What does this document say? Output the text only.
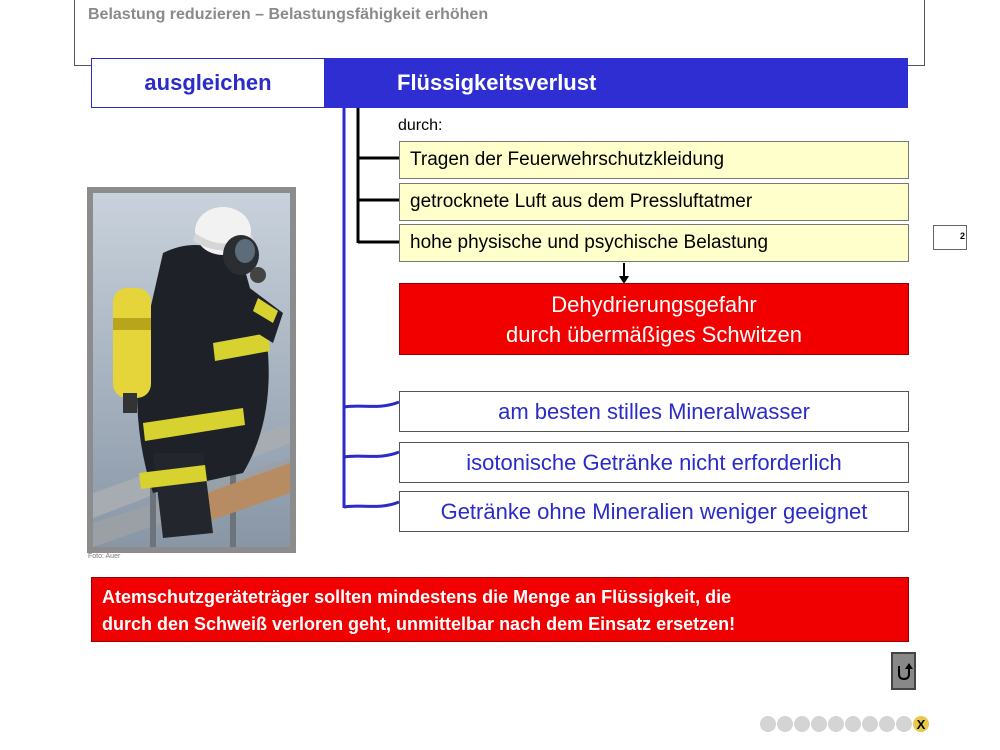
Belastung reduzieren – Belastungsfähigkeit erhöhen
ausgleichen	Flüssigkeitsverlust
durch:
Tragen der Feuerwehrschutzkleidung
getrocknete Luft aus dem Pressluftatmer
hohe physische und psychische Belastung
Dehydrierungsgefahr
durch übermäßiges Schwitzen
am besten stilles Mineralwasser
isotonische Getränke nicht erforderlich
Getränke ohne Mineralien weniger geeignet
Foto: Auer
Atemschutzgeräteträger sollten mindestens die Menge an Flüssigkeit, die
durch den Schweiß verloren geht, unmittelbar nach dem Einsatz ersetzen!
2
X
